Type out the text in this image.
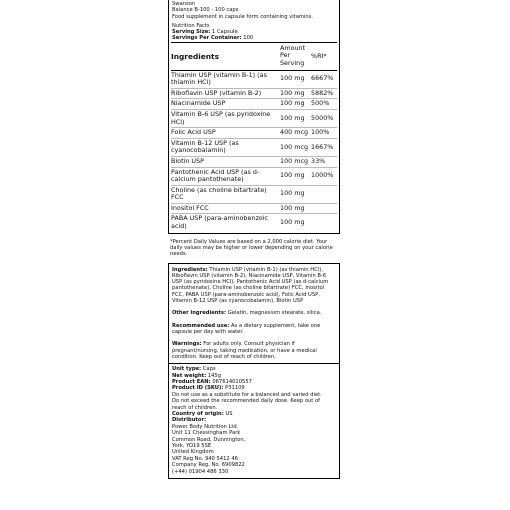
Swanson
Balance B-100 - 100 caps
Food supplement in capsule form containing vitamins.
Nutrition Facts
Serving Size: 1 Capsule
Servings Per Container: 100
Ingredients
Amount Per Serving
%RI*
Thiamin USP (vitamin B-1) (as thiamin HCl)	100 mg	6667%
Riboflavin USP (vitamin B-2)	100 mg	5882%
Niacinamide USP	100 mg	500%
Vitamin B-6 USP (as pyridoxine HCl)	100 mg	5000%
Folic Acid USP	400 mcg 100%
Vitamin B-12 USP (as cyanocobalamin)	100 mcg 1667%
Biotin USP	100 mcg 33%
Pantothenic Acid USP (as d-calcium pantothenate)	100 mg	1000%
Choline (as choline bitartrate) FCC	100 mg
Inositol FCC	100 mg
PABA USP (para-aminobenzoic acid)	100 mg
*Percent Daily Values are based on a 2,000 calorie diet. Your daily values may be higher or lower depending on your calorie needs.

Ingredients: Thiamin USP (vitamin B-1) (as thiamin HCl), Riboflavin USP (vitamin B-2), Niacinamide USP, Vitamin B-6 USP (as pyridoxine HCl), Pantothenic Acid USP (as d-calcium pantothenate), Choline (as choline bitartrate) FCC, Inositol FCC, PABA USP (para-aminobenzoic acid), Folic Acid USP, Vitamin B-12 USP (as cyanocobalamin), Biotin USP

Other ingredients: Gelatin, magnesium stearate, silica.

Recommended use: As a dietary supplement, take one capsule per day with water.

Warnings: For adults only. Consult physician if pregnant/nursing, taking medication, or have a medical condition. Keep out of reach of children.

Unit type: Caps
Net weight: 145g
Product EAN: 087614010557
Product ID (SKU): P31109
Do not use as a substitute for a balanced and varied diet.
Do not exceed the recommended daily dose. Keep out of
reach of children.
Country of origin: US
Distributor:
Power Body Nutrition Ltd.
Unit 11 Chessingham Park
Common Road, Dunnington,
York, YO19 5SE
United Kingdom
VAT Reg No. 940 5412 46
Company Reg. No. 6909822
(+44) 01904 486 330
